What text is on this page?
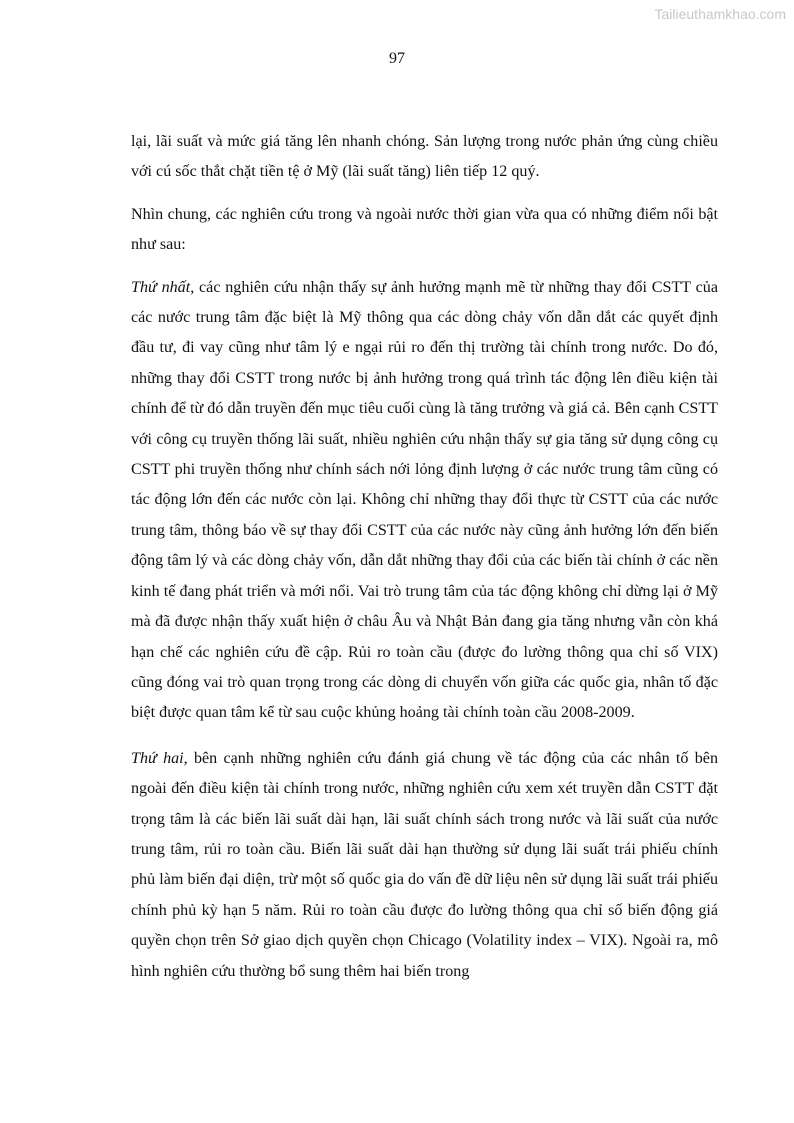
Tailieuthamkhao.com
97

lại, lãi suất và mức giá tăng lên nhanh chóng. Sản lượng trong nước phản ứng cùng chiều với cú sốc thắt chặt tiền tệ ở Mỹ (lãi suất tăng) liên tiếp 12 quý.

Nhìn chung, các nghiên cứu trong và ngoài nước thời gian vừa qua có những điểm nổi bật như sau:

Thứ nhất, các nghiên cứu nhận thấy sự ảnh hưởng mạnh mẽ từ những thay đổi CSTT của các nước trung tâm đặc biệt là Mỹ thông qua các dòng chảy vốn dẫn dắt các quyết định đầu tư, đi vay cũng như tâm lý e ngại rủi ro đến thị trường tài chính trong nước. Do đó, những thay đổi CSTT trong nước bị ảnh hưởng trong quá trình tác động lên điều kiện tài chính để từ đó dẫn truyền đến mục tiêu cuối cùng là tăng trưởng và giá cả. Bên cạnh CSTT với công cụ truyền thống lãi suất, nhiều nghiên cứu nhận thấy sự gia tăng sử dụng công cụ CSTT phi truyền thống như chính sách nới lỏng định lượng ở các nước trung tâm cũng có tác động lớn đến các nước còn lại. Không chỉ những thay đổi thực từ CSTT của các nước trung tâm, thông báo về sự thay đổi CSTT của các nước này cũng ảnh hưởng lớn đến biến động tâm lý và các dòng chảy vốn, dẫn dắt những thay đổi của các biến tài chính ở các nền kinh tế đang phát triển và mới nổi. Vai trò trung tâm của tác động không chỉ dừng lại ở Mỹ mà đã được nhận thấy xuất hiện ở châu Âu và Nhật Bản đang gia tăng nhưng vẫn còn khá hạn chế các nghiên cứu đề cập. Rủi ro toàn cầu (được đo lường thông qua chỉ số VIX) cũng đóng vai trò quan trọng trong các dòng di chuyển vốn giữa các quốc gia, nhân tố đặc biệt được quan tâm kể từ sau cuộc khủng hoảng tài chính toàn cầu 2008-2009.

Thứ hai, bên cạnh những nghiên cứu đánh giá chung về tác động của các nhân tố bên ngoài đến điều kiện tài chính trong nước, những nghiên cứu xem xét truyền dẫn CSTT đặt trọng tâm là các biến lãi suất dài hạn, lãi suất chính sách trong nước và lãi suất của nước trung tâm, rủi ro toàn cầu. Biến lãi suất dài hạn thường sử dụng lãi suất trái phiếu chính phủ làm biến đại diện, trừ một số quốc gia do vấn đề dữ liệu nên sử dụng lãi suất trái phiếu chính phủ kỳ hạn 5 năm. Rủi ro toàn cầu được đo lường thông qua chỉ số biến động giá quyền chọn trên Sở giao dịch quyền chọn Chicago (Volatility index – VIX). Ngoài ra, mô hình nghiên cứu thường bổ sung thêm hai biến trong
